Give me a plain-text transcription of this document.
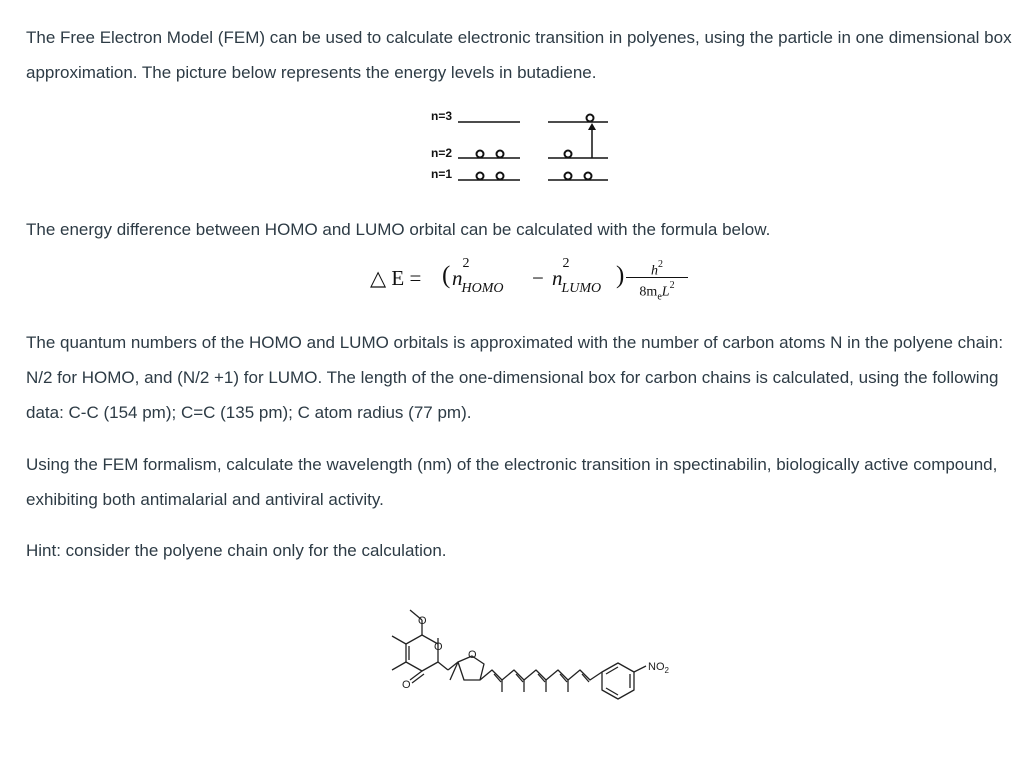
The Free Electron Model (FEM) can be used to calculate electronic transition in polyenes, using the particle in one dimensional box approximation. The picture below represents the energy levels in butadiene.

n=3
n=2
n=1

The energy difference between HOMO and LUMO orbital can be calculated with the formula below.

△ E = ( $n^2_{HOMO}$	− $n^2_{LUMO}$ )	$h^2$
$8m_eL^2$

The quantum numbers of the HOMO and LUMO orbitals is approximated with the number of carbon atoms N in the polyene chain: N/2 for HOMO, and (N/2 +1) for LUMO. The length of the one-dimensional box for carbon chains is calculated, using the following data: C-C (154 pm); C=C (135 pm); C atom radius (77 pm).

Using the FEM formalism, calculate the wavelength (nm) of the electronic transition in spectinabilin, biologically active compound, exhibiting both antimalarial and antiviral activity.

Hint: consider the polyene chain only for the calculation.

O
O
O
O
$NO_2$
